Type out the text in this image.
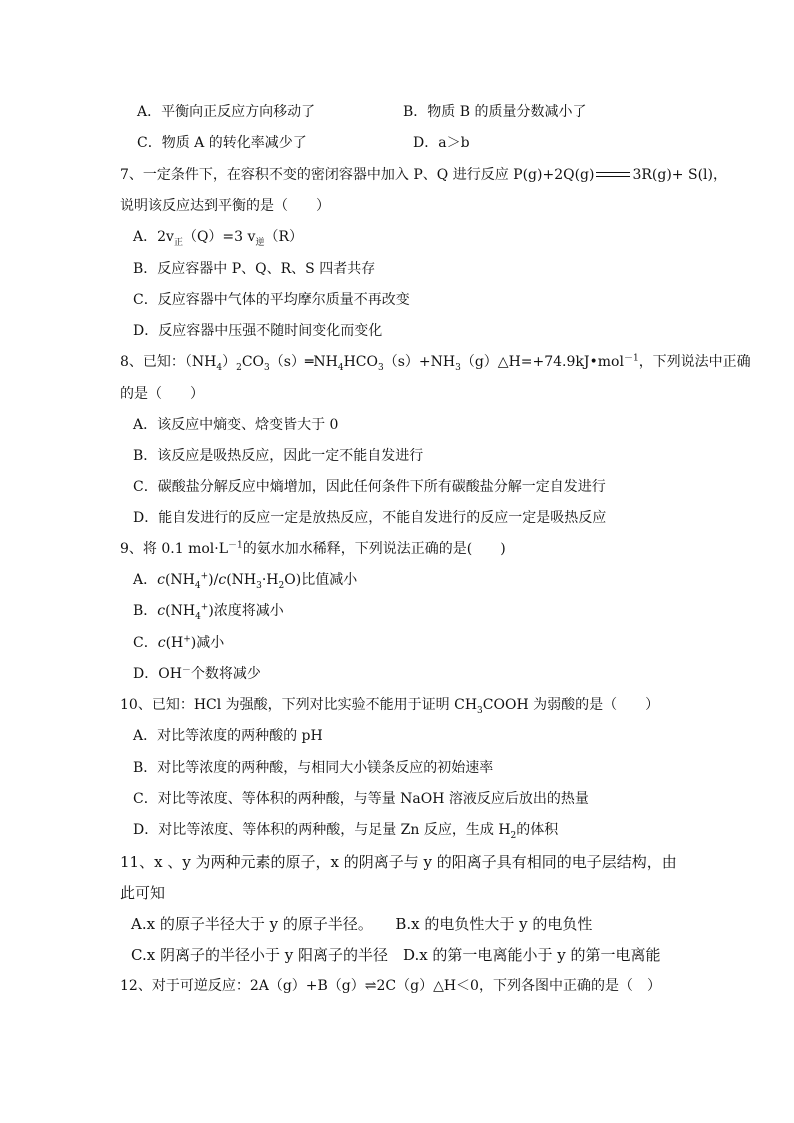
A．平衡向正反应方向移动了	B．物质 B 的质量分数减小了
C．物质 A 的转化率减少了	D．a＞b
7、一定条件下，在容积不变的密闭容器中加入 P、Q 进行反应 P(g)+2Q(g)	3R(g)+ S(l)，
说明该反应达到平衡的是（　　）
A．$2v_正(Q)=3$ $v_逆(R)$
B．反应容器中 P、Q、R、S 四者共存
C．反应容器中气体的平均摩尔质量不再改变
D．反应容器中压强不随时间变化而变化
8、已知：$(NH_4)_2CO_3(s)═NH_4HCO_3(s)+NH_3(g)\triangle H=+74.9kJ•mol^{-1}$，下列说法中正确
的是（　　）
A．该反应中熵变、焓变皆大于 0
B．该反应是吸热反应，因此一定不能自发进行
C．碳酸盐分解反应中熵增加，因此任何条件下所有碳酸盐分解一定自发进行
D．能自发进行的反应一定是放热反应，不能自发进行的反应一定是吸热反应
9、将 0.1 $mol\cdot L^{-1}$的氨水加水稀释，下列说法正确的是(　　)
A．$c(NH_4^+)/c(NH_3\cdot H_2O)$比值减小
B．$c(NH_4^+)$浓度将减小
C．c(H+)减小
D．OH－个数将减少
10、已知：HCl 为强酸，下列对比实验不能用于证明 $CH_3COOH$ 为弱酸的是（　　）
A．对比等浓度的两种酸的 pH
B．对比等浓度的两种酸，与相同大小镁条反应的初始速率
C．对比等浓度、等体积的两种酸，与等量 NaOH 溶液反应后放出的热量
D．对比等浓度、等体积的两种酸，与足量 Zn 反应，生成 $H_2$的体积
11、x 、y 为两种元素的原子，x 的阴离子与 y 的阳离子具有相同的电子层结构，由
此可知
A.x 的原子半径大于 y 的原子半径。　　B.x 的电负性大于 y 的电负性
C.x 阴离子的半径小于 y 阳离子的半径　D.x 的第一电离能小于 y 的第一电离能
12、对于可逆反应：2A（g）+B（g）⇌2C（g）△H＜0，下列各图中正确的是（　）
